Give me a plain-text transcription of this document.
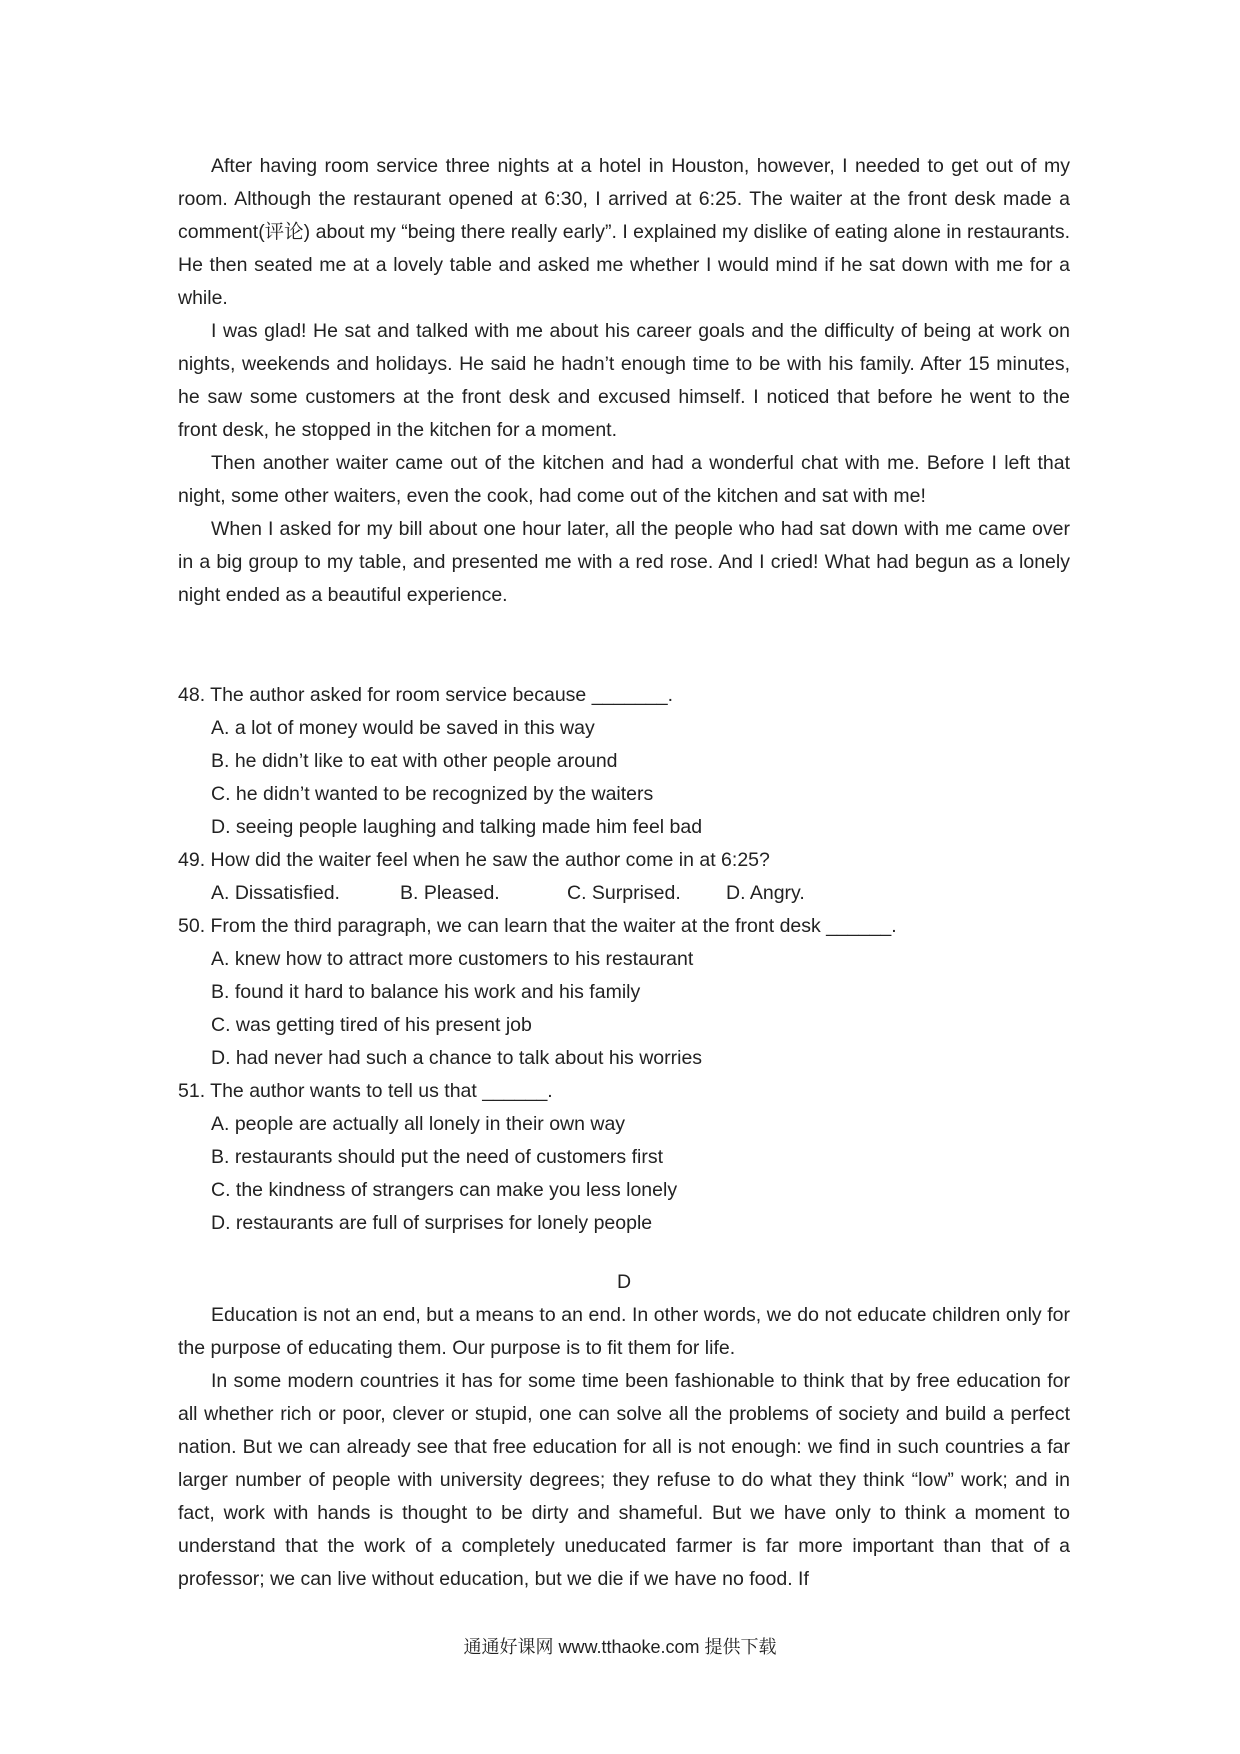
After having room service three nights at a hotel in Houston, however, I needed to get out of my room. Although the restaurant opened at 6:30, I arrived at 6:25. The waiter at the front desk made a comment(评论) about my “being there really early”. I explained my dislike of eating alone in restaurants. He then seated me at a lovely table and asked me whether I would mind if he sat down with me for a while.

I was glad! He sat and talked with me about his career goals and the difficulty of being at work on nights, weekends and holidays. He said he hadn’t enough time to be with his family. After 15 minutes, he saw some customers at the front desk and excused himself. I noticed that before he went to the front desk, he stopped in the kitchen for a moment.

Then another waiter came out of the kitchen and had a wonderful chat with me. Before I left that night, some other waiters, even the cook, had come out of the kitchen and sat with me!

When I asked for my bill about one hour later, all the people who had sat down with me came over in a big group to my table, and presented me with a red rose. And I cried! What had begun as a lonely night ended as a beautiful experience.

48. The author asked for room service because _______.

A. a lot of money would be saved in this way

B. he didn’t like to eat with other people around

C. he didn’t wanted to be recognized by the waiters

D. seeing people laughing and talking made him feel bad

49. How did the waiter feel when he saw the author come in at 6:25?

A. Dissatisfied.	B. Pleased.	C. Surprised.	D. Angry.

50. From the third paragraph, we can learn that the waiter at the front desk ______.

A. knew how to attract more customers to his restaurant

B. found it hard to balance his work and his family

C. was getting tired of his present job

D. had never had such a chance to talk about his worries

51. The author wants to tell us that ______.

A. people are actually all lonely in their own way

B. restaurants should put the need of customers first

C. the kindness of strangers can make you less lonely

D. restaurants are full of surprises for lonely people

D

Education is not an end, but a means to an end. In other words, we do not educate children only for the purpose of educating them. Our purpose is to fit them for life.

In some modern countries it has for some time been fashionable to think that by free education for all whether rich or poor, clever or stupid, one can solve all the problems of society and build a perfect nation. But we can already see that free education for all is not enough: we find in such countries a far larger number of people with university degrees; they refuse to do what they think “low” work; and in fact, work with hands is thought to be dirty and shameful. But we have only to think a moment to understand that the work of a completely uneducated farmer is far more important than that of a professor; we can live without education, but we die if we have no food. If

通通好课网 www.tthaoke.com 提供下载
